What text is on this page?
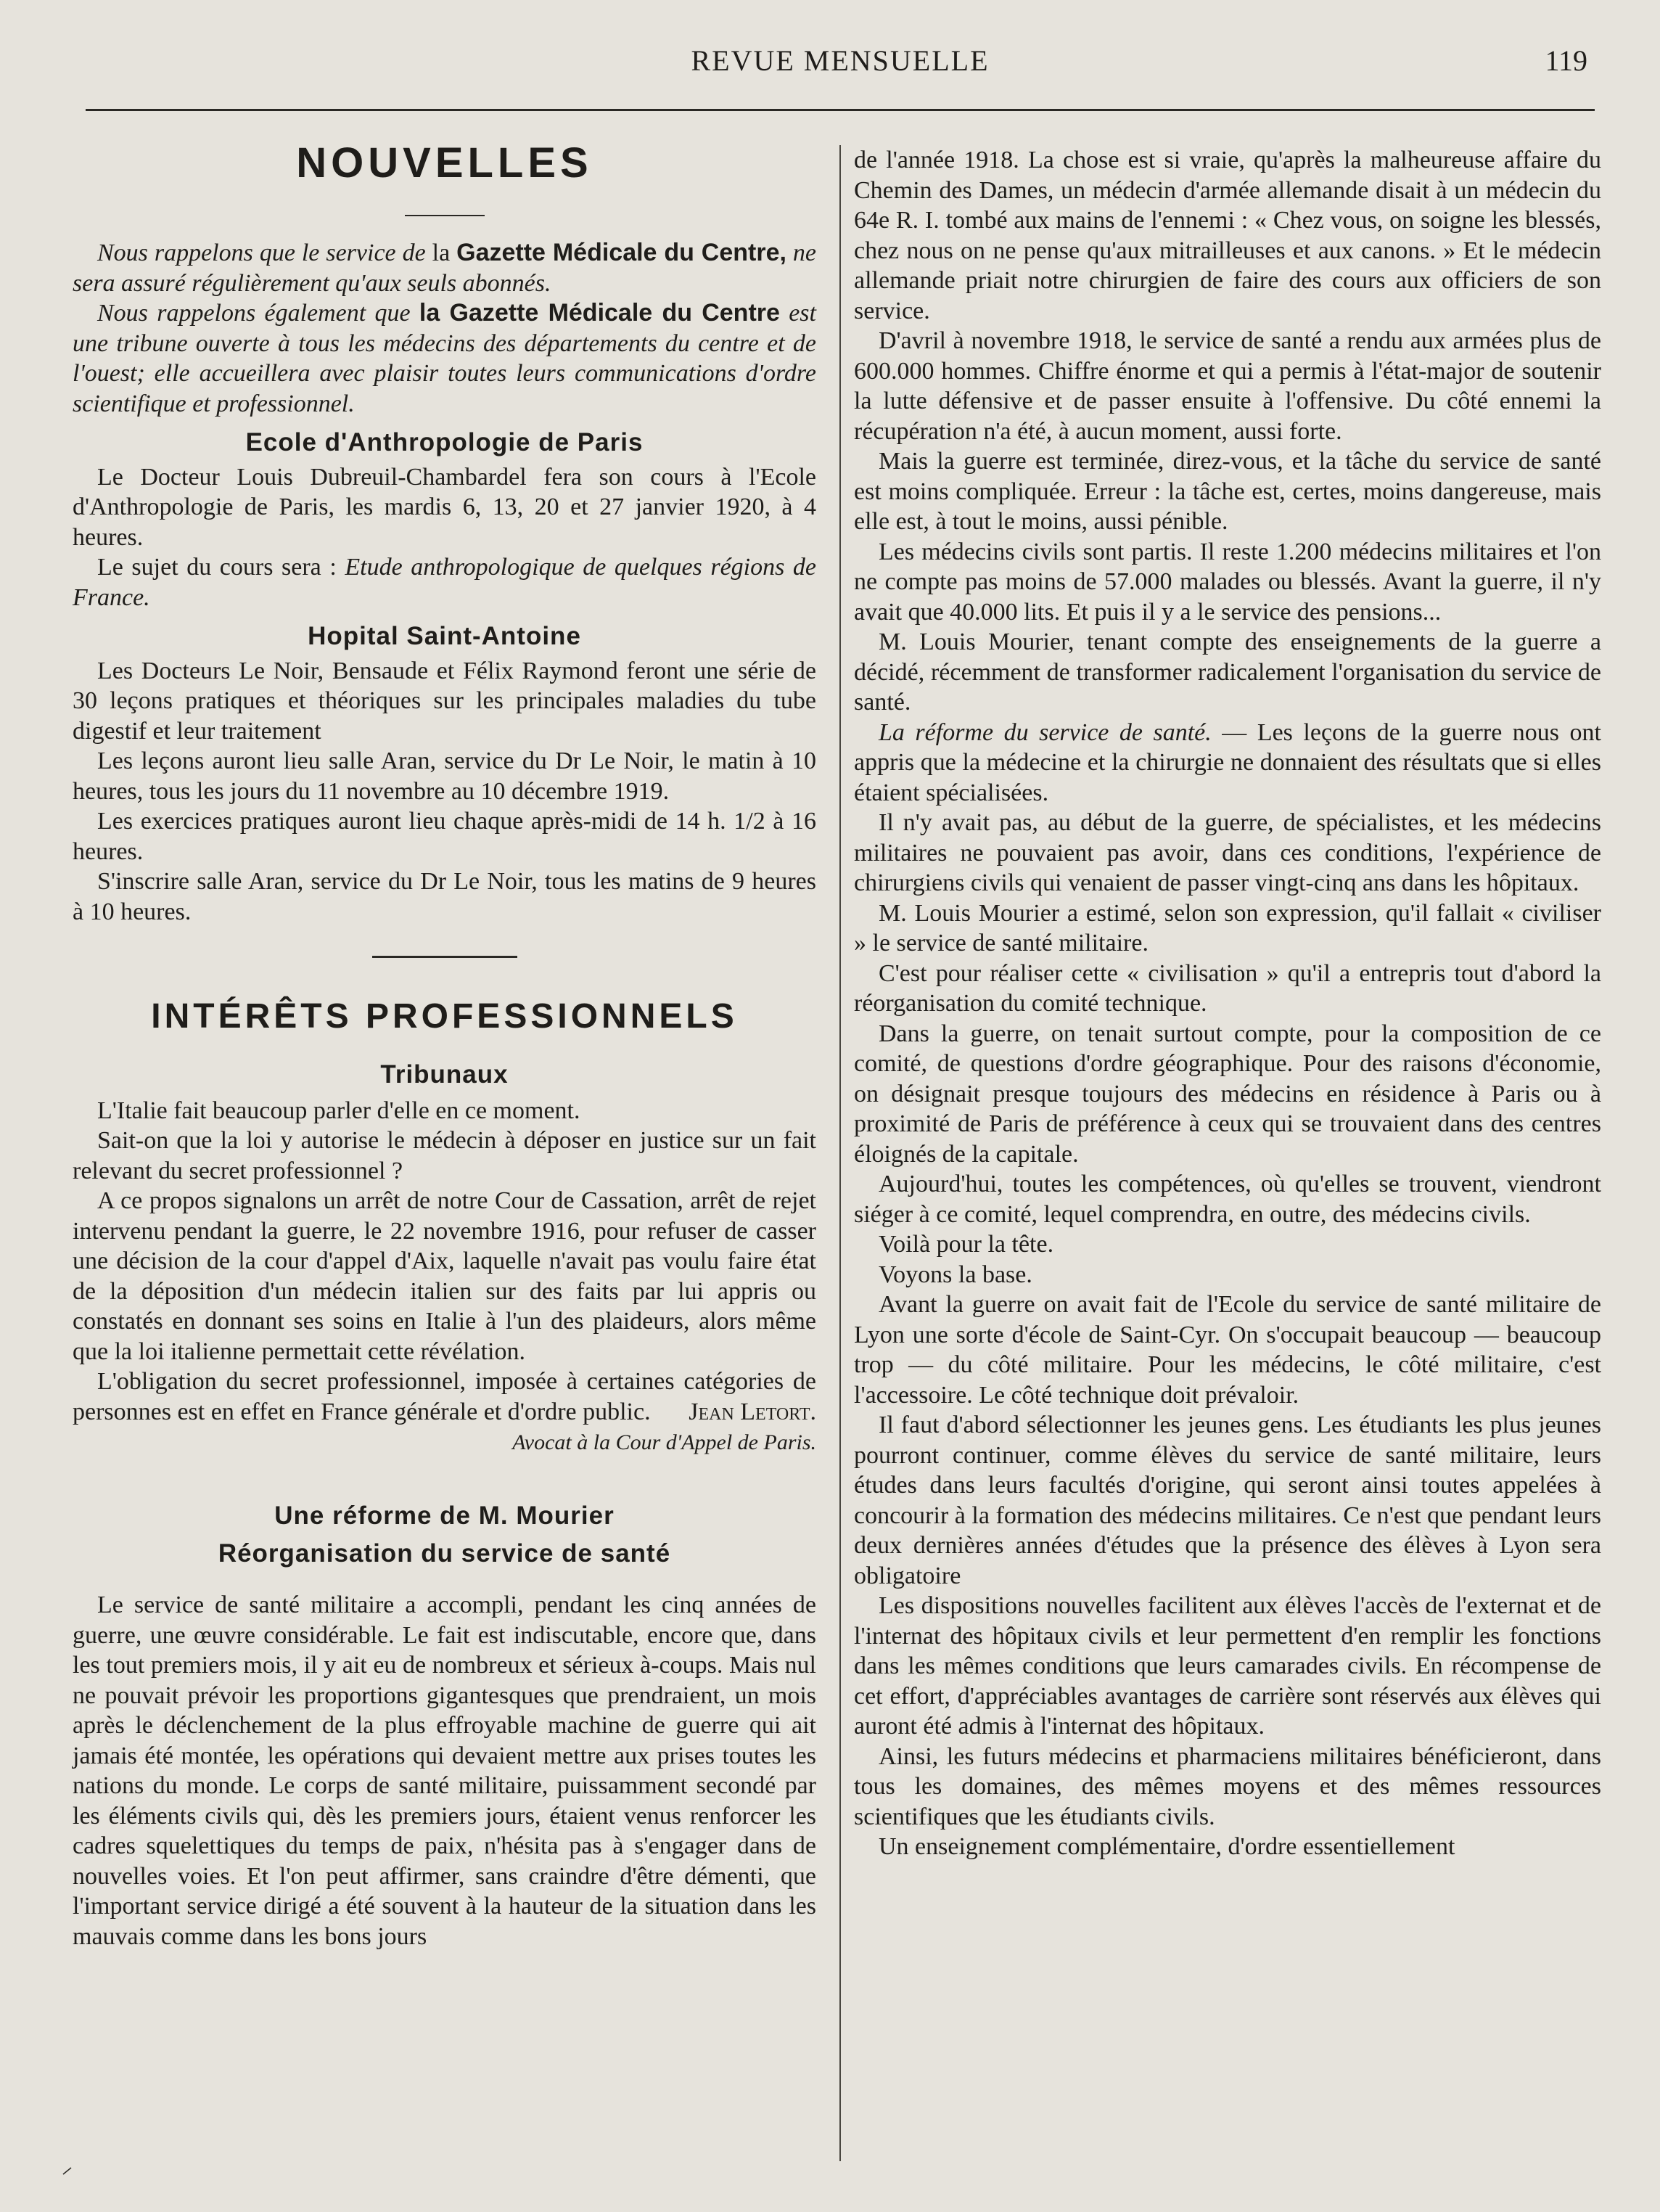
REVUE MENSUELLE	119
NOUVELLES

Nous rappelons que le service de la Gazette Médicale du Centre, ne sera assuré régulièrement qu'aux seuls abonnés.

Nous rappelons également que la Gazette Médicale du Centre est une tribune ouverte à tous les médecins des départements du centre et de l'ouest; elle accueillera avec plaisir toutes leurs communications d'ordre scientifique et professionnel.

Ecole d'Anthropologie de Paris

Le Docteur Louis Dubreuil-Chambardel fera son cours à l'Ecole d'Anthropologie de Paris, les mardis 6, 13, 20 et 27 janvier 1920, à 4 heures.

Le sujet du cours sera : Etude anthropologique de quelques régions de France.

Hopital Saint-Antoine

Les Docteurs Le Noir, Bensaude et Félix Raymond feront une série de 30 leçons pratiques et théoriques sur les principales maladies du tube digestif et leur traitement

Les leçons auront lieu salle Aran, service du Dr Le Noir, le matin à 10 heures, tous les jours du 11 novembre au 10 décembre 1919.

Les exercices pratiques auront lieu chaque après-midi de 14 h. 1/2 à 16 heures.

S'inscrire salle Aran, service du Dr Le Noir, tous les matins de 9 heures à 10 heures.

INTÉRÊTS PROFESSIONNELS
Tribunaux

L'Italie fait beaucoup parler d'elle en ce moment.

Sait-on que la loi y autorise le médecin à déposer en justice sur un fait relevant du secret professionnel ?

A ce propos signalons un arrêt de notre Cour de Cassation, arrêt de rejet intervenu pendant la guerre, le 22 novembre 1916, pour refuser de casser une décision de la cour d'appel d'Aix, laquelle n'avait pas voulu faire état de la déposition d'un médecin italien sur des faits par lui appris ou constatés en donnant ses soins en Italie à l'un des plaideurs, alors même que la loi italienne permettait cette révélation.

L'obligation du secret professionnel, imposée à certaines catégories de personnes est en effet en France générale et d'ordre public.	Jean Letort.
Avocat à la Cour d'Appel de Paris.
Une réforme de M. Mourier
Réorganisation du service de santé

Le service de santé militaire a accompli, pendant les cinq années de guerre, une œuvre considérable. Le fait est indiscutable, encore que, dans les tout premiers mois, il y ait eu de nombreux et sérieux à-coups. Mais nul ne pouvait prévoir les proportions gigantesques que prendraient, un mois après le déclenchement de la plus effroyable machine de guerre qui ait jamais été montée, les opérations qui devaient mettre aux prises toutes les nations du monde. Le corps de santé militaire, puissamment secondé par les éléments civils qui, dès les premiers jours, étaient venus renforcer les cadres squelettiques du temps de paix, n'hésita pas à s'engager dans de nouvelles voies. Et l'on peut affirmer, sans craindre d'être démenti, que l'important service dirigé a été souvent à la hauteur de la situation dans les mauvais comme dans les bons jours

de l'année 1918. La chose est si vraie, qu'après la malheureuse affaire du Chemin des Dames, un médecin d'armée allemande disait à un médecin du 64e R. I. tombé aux mains de l'ennemi : « Chez vous, on soigne les blessés, chez nous on ne pense qu'aux mitrailleuses et aux canons. » Et le médecin allemande priait notre chirurgien de faire des cours aux officiers de son service.

D'avril à novembre 1918, le service de santé a rendu aux armées plus de 600.000 hommes. Chiffre énorme et qui a permis à l'état-major de soutenir la lutte défensive et de passer ensuite à l'offensive. Du côté ennemi la récupération n'a été, à aucun moment, aussi forte.

Mais la guerre est terminée, direz-vous, et la tâche du service de santé est moins compliquée. Erreur : la tâche est, certes, moins dangereuse, mais elle est, à tout le moins, aussi pénible.

Les médecins civils sont partis. Il reste 1.200 médecins militaires et l'on ne compte pas moins de 57.000 malades ou blessés. Avant la guerre, il n'y avait que 40.000 lits. Et puis il y a le service des pensions...

M. Louis Mourier, tenant compte des enseignements de la guerre a décidé, récemment de transformer radicalement l'organisation du service de santé.

La réforme du service de santé. — Les leçons de la guerre nous ont appris que la médecine et la chirurgie ne donnaient des résultats que si elles étaient spécialisées.

Il n'y avait pas, au début de la guerre, de spécialistes, et les médecins militaires ne pouvaient pas avoir, dans ces conditions, l'expérience de chirurgiens civils qui venaient de passer vingt-cinq ans dans les hôpitaux.

M. Louis Mourier a estimé, selon son expression, qu'il fallait « civiliser » le service de santé militaire.

C'est pour réaliser cette « civilisation » qu'il a entrepris tout d'abord la réorganisation du comité technique.

Dans la guerre, on tenait surtout compte, pour la composition de ce comité, de questions d'ordre géographique. Pour des raisons d'économie, on désignait presque toujours des médecins en résidence à Paris ou à proximité de Paris de préférence à ceux qui se trouvaient dans des centres éloignés de la capitale.

Aujourd'hui, toutes les compétences, où qu'elles se trouvent, viendront siéger à ce comité, lequel comprendra, en outre, des médecins civils.

Voilà pour la tête.

Voyons la base.

Avant la guerre on avait fait de l'Ecole du service de santé militaire de Lyon une sorte d'école de Saint-Cyr. On s'occupait beaucoup — beaucoup trop — du côté militaire. Pour les médecins, le côté militaire, c'est l'accessoire. Le côté technique doit prévaloir.

Il faut d'abord sélectionner les jeunes gens. Les étudiants les plus jeunes pourront continuer, comme élèves du service de santé militaire, leurs études dans leurs facultés d'origine, qui seront ainsi toutes appelées à concourir à la formation des médecins militaires. Ce n'est que pendant leurs deux dernières années d'études que la présence des élèves à Lyon sera obligatoire

Les dispositions nouvelles facilitent aux élèves l'accès de l'externat et de l'internat des hôpitaux civils et leur permettent d'en remplir les fonctions dans les mêmes conditions que leurs camarades civils. En récompense de cet effort, d'appréciables avantages de carrière sont réservés aux élèves qui auront été admis à l'internat des hôpitaux.

Ainsi, les futurs médecins et pharmaciens militaires bénéficieront, dans tous les domaines, des mêmes moyens et des mêmes ressources scientifiques que les étudiants civils.

Un enseignement complémentaire, d'ordre essentiellement
